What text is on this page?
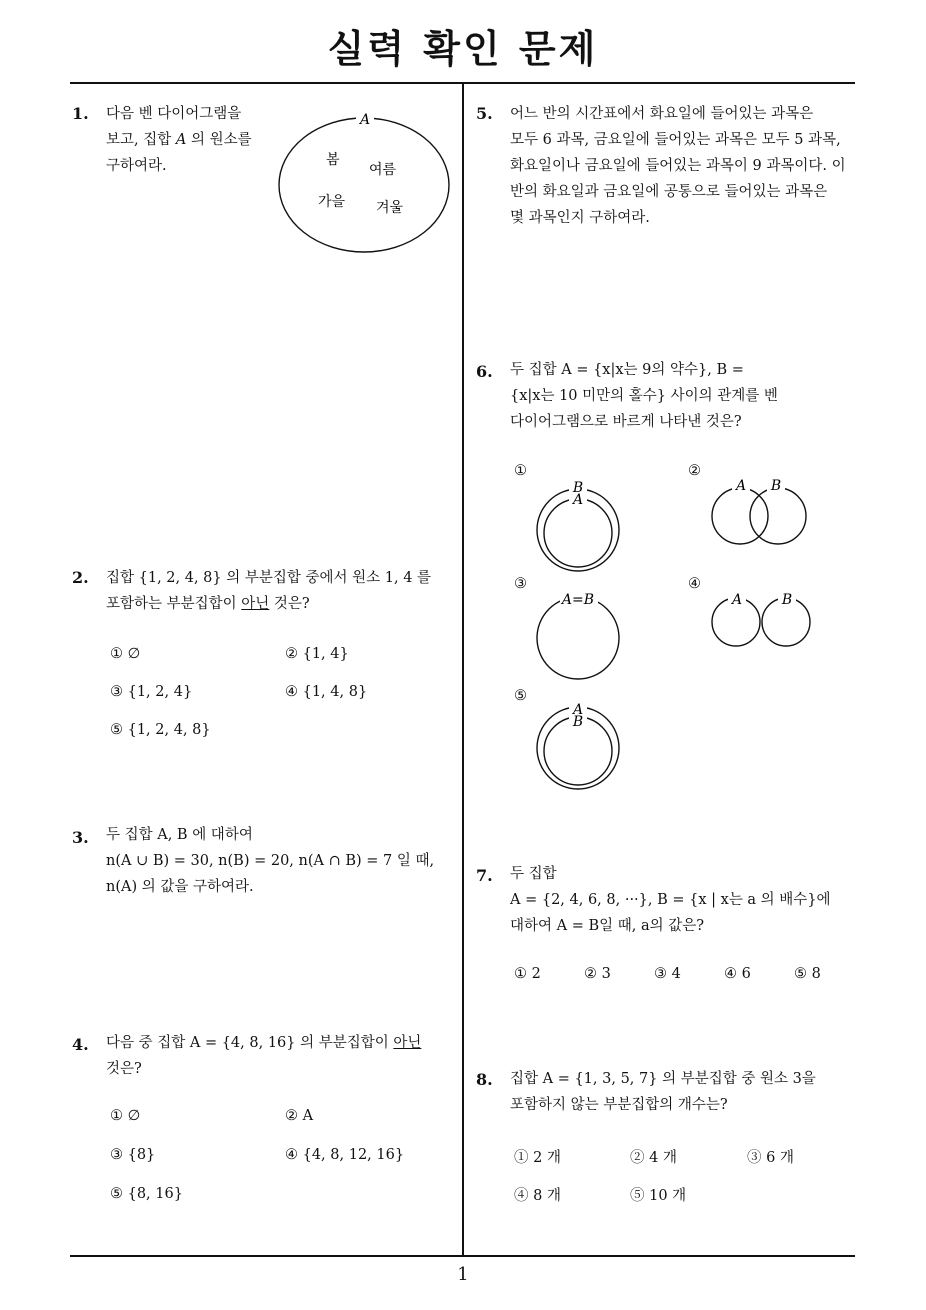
실력 확인 문제
1
1. 다음 벤 다이어그램을
보고, 집합 A 의 원소를
구하여라.
A
봄
여름
가을 겨울
2. 집합 {1, 2, 4, 8} 의 부분집합 중에서 원소 1, 4 를
포함하는 부분집합이 아닌 것은?
① ∅	② {1, 4}
③ {1, 2, 4}	④ {1, 4, 8}
⑤ {1, 2, 4, 8}
3. 두 집합 A, B 에 대하여
n(A ∪ B) = 30, n(B) = 20, n(A ∩ B) = 7 일 때,
n(A) 의 값을 구하여라.
4. 다음 중 집합 A = {4, 8, 16} 의 부분집합이 아닌
것은?
① ∅	② A
③ {8}	④ {4, 8, 12, 16}
⑤ {8, 16}
5. 어느 반의 시간표에서 화요일에 들어있는 과목은
모두 6 과목, 금요일에 들어있는 과목은 모두 5 과목,
화요일이나 금요일에 들어있는 과목이 9 과목이다. 이
반의 화요일과 금요일에 공통으로 들어있는 과목은
몇 과목인지 구하여라.
6. 두 집합 A = {x|x는 9의 약수}, B =
{x|x는 10 미만의 홀수} 사이의 관계를 벤
다이어그램으로 바르게 나타낸 것은?
①	②
③	④
⑤
B
A
A B
A=B	A	B
A
B
7. 두 집합
A = {2, 4, 6, 8, ···}, B = {x | x는 a 의 배수}에
대하여 A = B일 때, a의 값은?
① 2	② 3	③ 4	④ 6	⑤ 8
8. 집합 A = {1, 3, 5, 7} 의 부분집합 중 원소 3을
포함하지 않는 부분집합의 개수는?
① 2 개	② 4 개	③ 6 개
④ 8 개	⑤ 10 개
